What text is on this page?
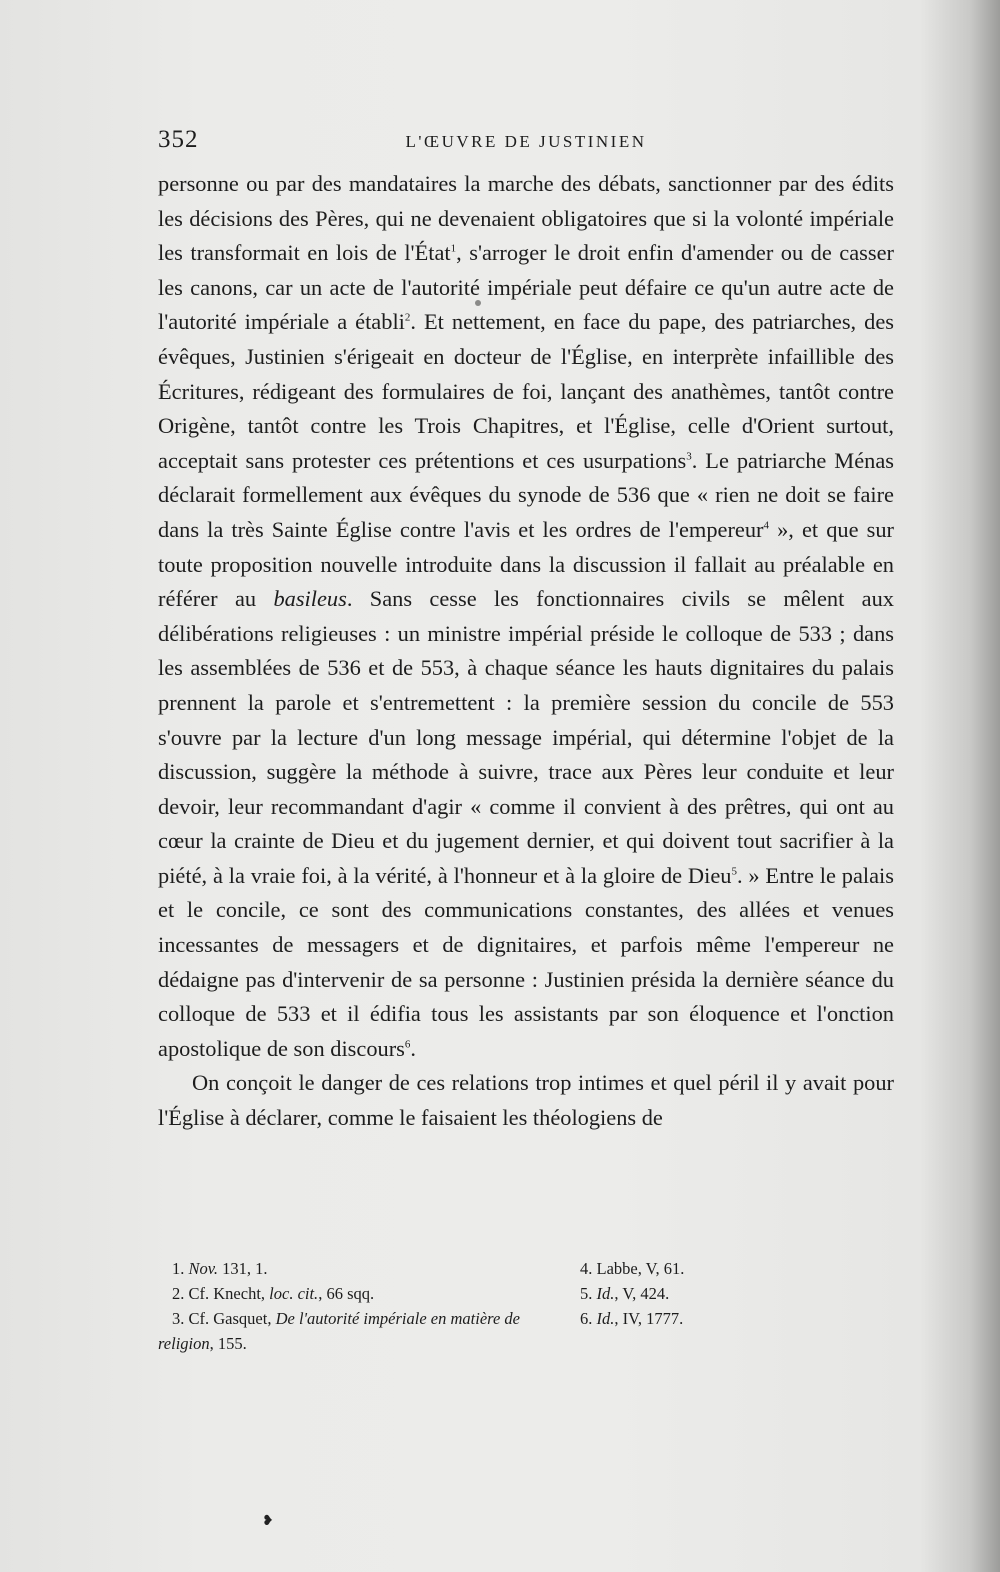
352	L'ŒUVRE DE JUSTINIEN

personne ou par des mandataires la marche des débats, sanctionner par des édits les décisions des Pères, qui ne devenaient obligatoires que si la volonté impériale les transformait en lois de l'État$^1$, s'arroger le droit enfin d'amender ou de casser les canons, car un acte de l'autorité impériale peut défaire ce qu'un autre acte de l'autorité impériale a établi$^2$. Et nettement, en face du pape, des patriarches, des évêques, Justinien s'érigeait en docteur de l'Église, en interprète infaillible des Écritures, rédigeant des formulaires de foi, lançant des anathèmes, tantôt contre Origène, tantôt contre les Trois Chapitres, et l'Église, celle d'Orient surtout, acceptait sans protester ces prétentions et ces usurpations$^3$. Le patriarche Ménas déclarait formellement aux évêques du synode de 536 que « rien ne doit se faire dans la très Sainte Église contre l'avis et les ordres de l'empereur$^4$ », et que sur toute proposition nouvelle introduite dans la discussion il fallait au préalable en référer au basileus. Sans cesse les fonctionnaires civils se mêlent aux délibérations religieuses : un ministre impérial préside le colloque de 533 ; dans les assemblées de 536 et de 553, à chaque séance les hauts dignitaires du palais prennent la parole et s'entremettent : la première session du concile de 553 s'ouvre par la lecture d'un long message impérial, qui détermine l'objet de la discussion, suggère la méthode à suivre, trace aux Pères leur conduite et leur devoir, leur recommandant d'agir « comme il convient à des prêtres, qui ont au cœur la crainte de Dieu et du jugement dernier, et qui doivent tout sacrifier à la piété, à la vraie foi, à la vérité, à l'honneur et à la gloire de Dieu$^5$. » Entre le palais et le concile, ce sont des communications constantes, des allées et venues incessantes de messagers et de dignitaires, et parfois même l'empereur ne dédaigne pas d'intervenir de sa personne : Justinien présida la dernière séance du colloque de 533 et il édifia tous les assistants par son éloquence et l'onction apostolique de son discours$^6$.

On conçoit le danger de ces relations trop intimes et quel péril il y avait pour l'Église à déclarer, comme le faisaient les théologiens de

1. Nov. 131, 1.

2. Cf. Knecht, loc. cit., 66 sqq.

3. Cf. Gasquet, De l'autorité impériale en matière de religion, 155.

4. Labbe, V, 61.

5. Id., V, 424.

6. Id., IV, 1777.

❥
